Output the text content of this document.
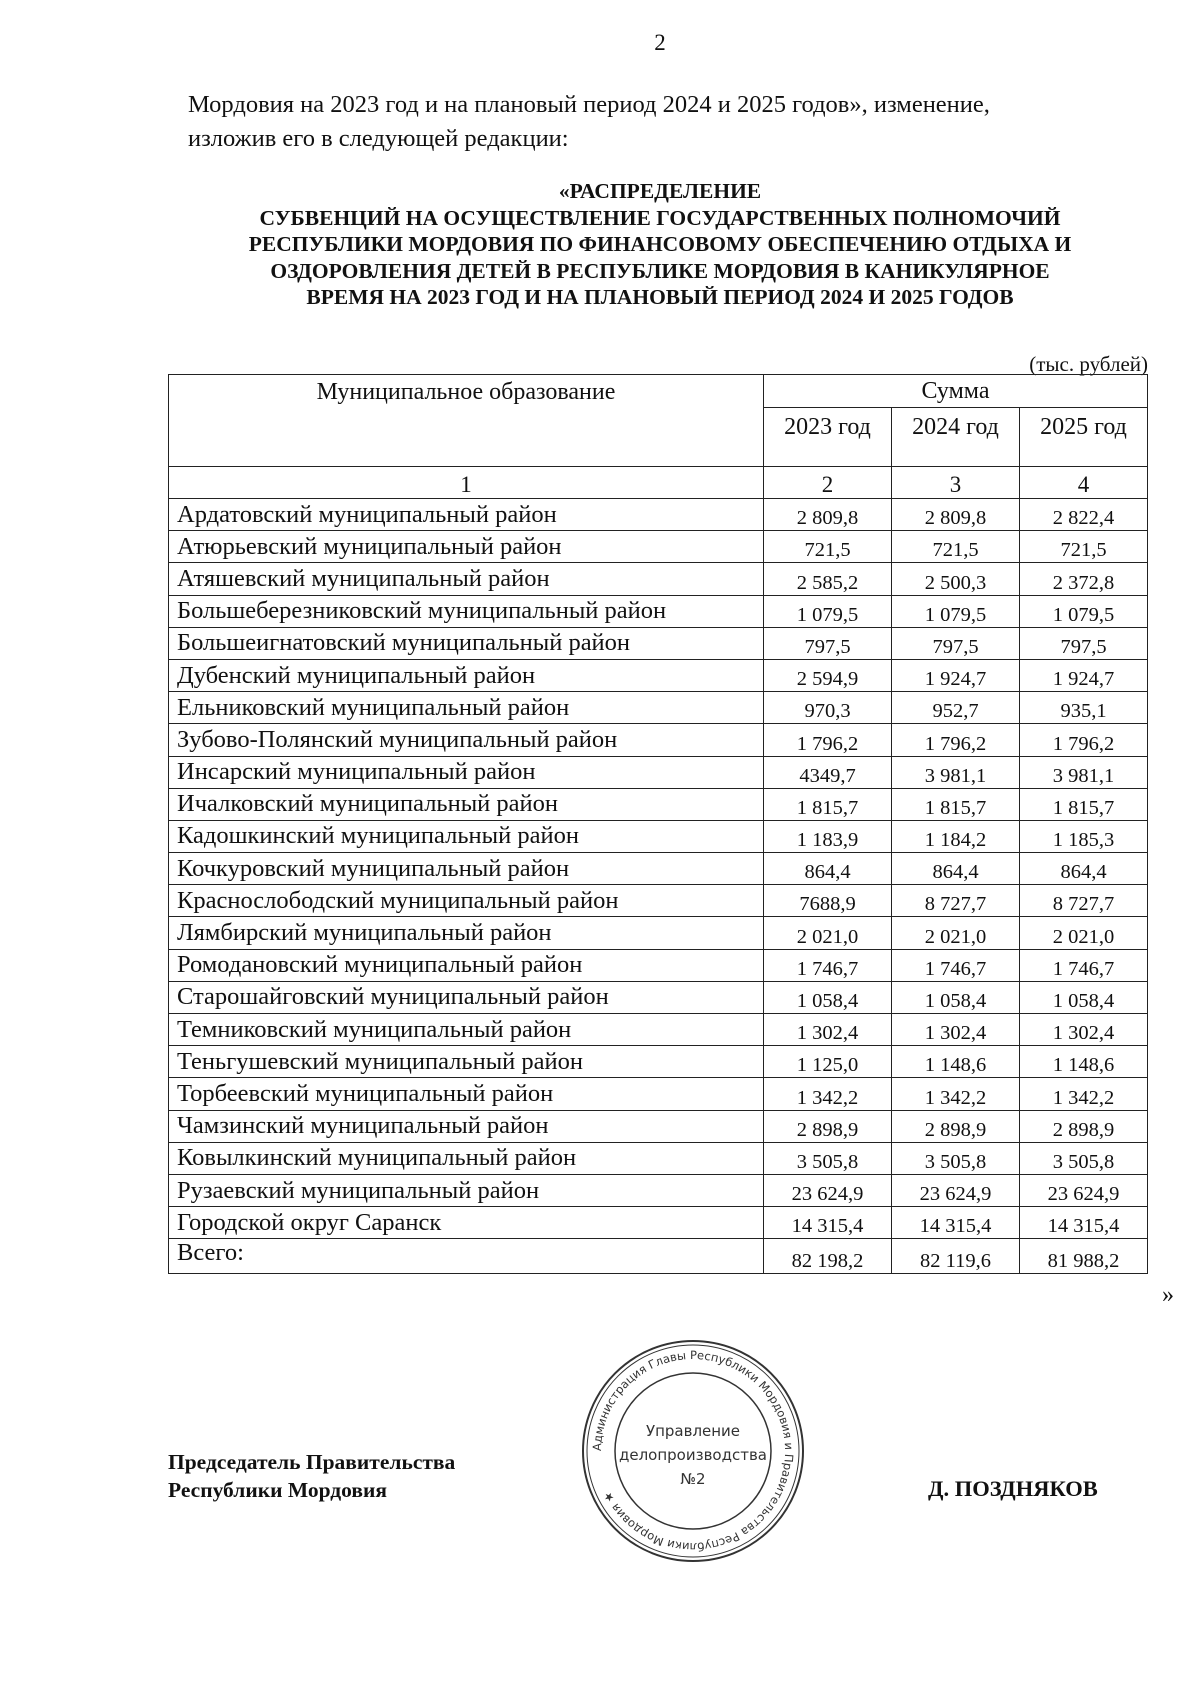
2
Мордовия на 2023 год и на плановый период 2024 и 2025 годов», изменение,
изложив его в следующей редакции:
«РАСПРЕДЕЛЕНИЕ
СУБВЕНЦИЙ НА ОСУЩЕСТВЛЕНИЕ ГОСУДАРСТВЕННЫХ ПОЛНОМОЧИЙ
РЕСПУБЛИКИ МОРДОВИЯ ПО ФИНАНСОВОМУ ОБЕСПЕЧЕНИЮ ОТДЫХА И
ОЗДОРОВЛЕНИЯ ДЕТЕЙ В РЕСПУБЛИКЕ МОРДОВИЯ В КАНИКУЛЯРНОЕ
ВРЕМЯ НА 2023 ГОД И НА ПЛАНОВЫЙ ПЕРИОД 2024 И 2025 ГОДОВ
(тыс. рублей)
Муниципальное образование	Сумма		
	2023 год	2024 год	2025 год
1	2	3	4
Ардатовский муниципальный район	2 809,8	2 809,8	2 822,4
Атюрьевский муниципальный район	721,5	721,5	721,5
Атяшевский муниципальный район	2 585,2	2 500,3	2 372,8
Большеберезниковский муниципальный район	1 079,5	1 079,5	1 079,5
Большеигнатовский муниципальный район	797,5	797,5	797,5
Дубенский муниципальный район	2 594,9	1 924,7	1 924,7
Ельниковский муниципальный район	970,3	952,7	935,1
Зубово-Полянский муниципальный район	1 796,2	1 796,2	1 796,2
Инсарский муниципальный район	4349,7	3 981,1	3 981,1
Ичалковский муниципальный район	1 815,7	1 815,7	1 815,7
Кадошкинский муниципальный район	1 183,9	1 184,2	1 185,3
Кочкуровский муниципальный район	864,4	864,4	864,4
Краснослободский муниципальный район	7688,9	8 727,7	8 727,7
Лямбирский муниципальный район	2 021,0	2 021,0	2 021,0
Ромодановский муниципальный район	1 746,7	1 746,7	1 746,7
Старошайговский муниципальный район	1 058,4	1 058,4	1 058,4
Темниковский муниципальный район	1 302,4	1 302,4	1 302,4
Теньгушевский муниципальный район	1 125,0	1 148,6	1 148,6
Торбеевский муниципальный район	1 342,2	1 342,2	1 342,2
Чамзинский муниципальный район	2 898,9	2 898,9	2 898,9
Ковылкинский муниципальный район	3 505,8	3 505,8	3 505,8
Рузаевский муниципальный район	23 624,9	23 624,9	23 624,9
Городской округ Саранск	14 315,4	14 315,4	14 315,4
Всего:	82 198,2	82 119,6	81 988,2
»
Администрация Главы Республики Мордовия и Правительства Республики Мордовия ★
Управление
делопроизводства
№2
Председатель Правительства
Республики Мордовия	Д. ПОЗДНЯКОВ
